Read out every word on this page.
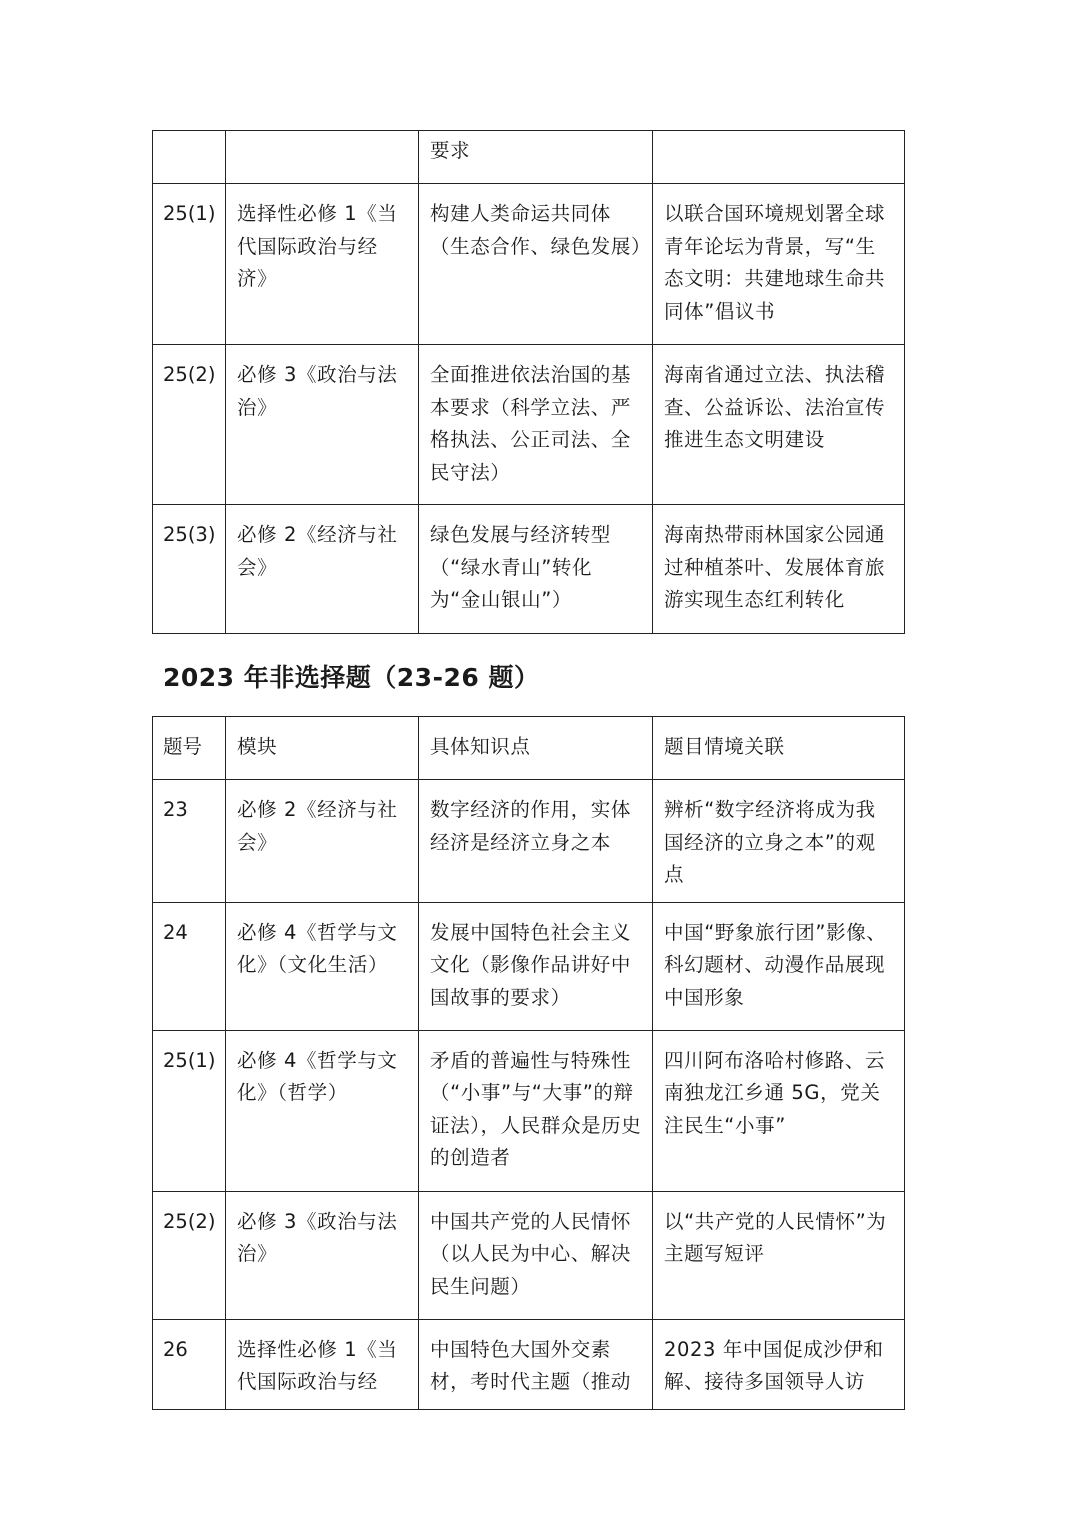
		要求	
25(1)	选择性必修 1《当代国际政治与经济》	构建人类命运共同体（生态合作、绿色发展）	以联合国环境规划署全球青年论坛为背景，写“生态文明：共建地球生命共同体”倡议书
25(2)	必修 3《政治与法治》	全面推进依法治国的基本要求（科学立法、严格执法、公正司法、全民守法）	海南省通过立法、执法稽查、公益诉讼、法治宣传推进生态文明建设
25(3)	必修 2《经济与社会》	绿色发展与经济转型（“绿水青山”转化为“金山银山”）	海南热带雨林国家公园通过种植茶叶、发展体育旅游实现生态红利转化
2023 年非选择题（23-26 题）
题号	模块	具体知识点	题目情境关联
23	必修 2《经济与社会》	数字经济的作用，实体经济是经济立身之本	辨析“数字经济将成为我国经济的立身之本”的观点
24	必修 4《哲学与文化》（文化生活）	发展中国特色社会主义文化（影像作品讲好中国故事的要求）	中国“野象旅行团”影像、科幻题材、动漫作品展现中国形象
25(1)	必修 4《哲学与文化》（哲学）	矛盾的普遍性与特殊性（“小事”与“大事”的辩证法），人民群众是历史的创造者	四川阿布洛哈村修路、云南独龙江乡通 5G，党关注民生“小事”
25(2)	必修 3《政治与法治》	中国共产党的人民情怀（以人民为中心、解决民生问题）	以“共产党的人民情怀”为主题写短评
26	选择性必修 1《当代国际政治与经	中国特色大国外交素材，考时代主题（推动	2023 年中国促成沙伊和解、接待多国领导人访
